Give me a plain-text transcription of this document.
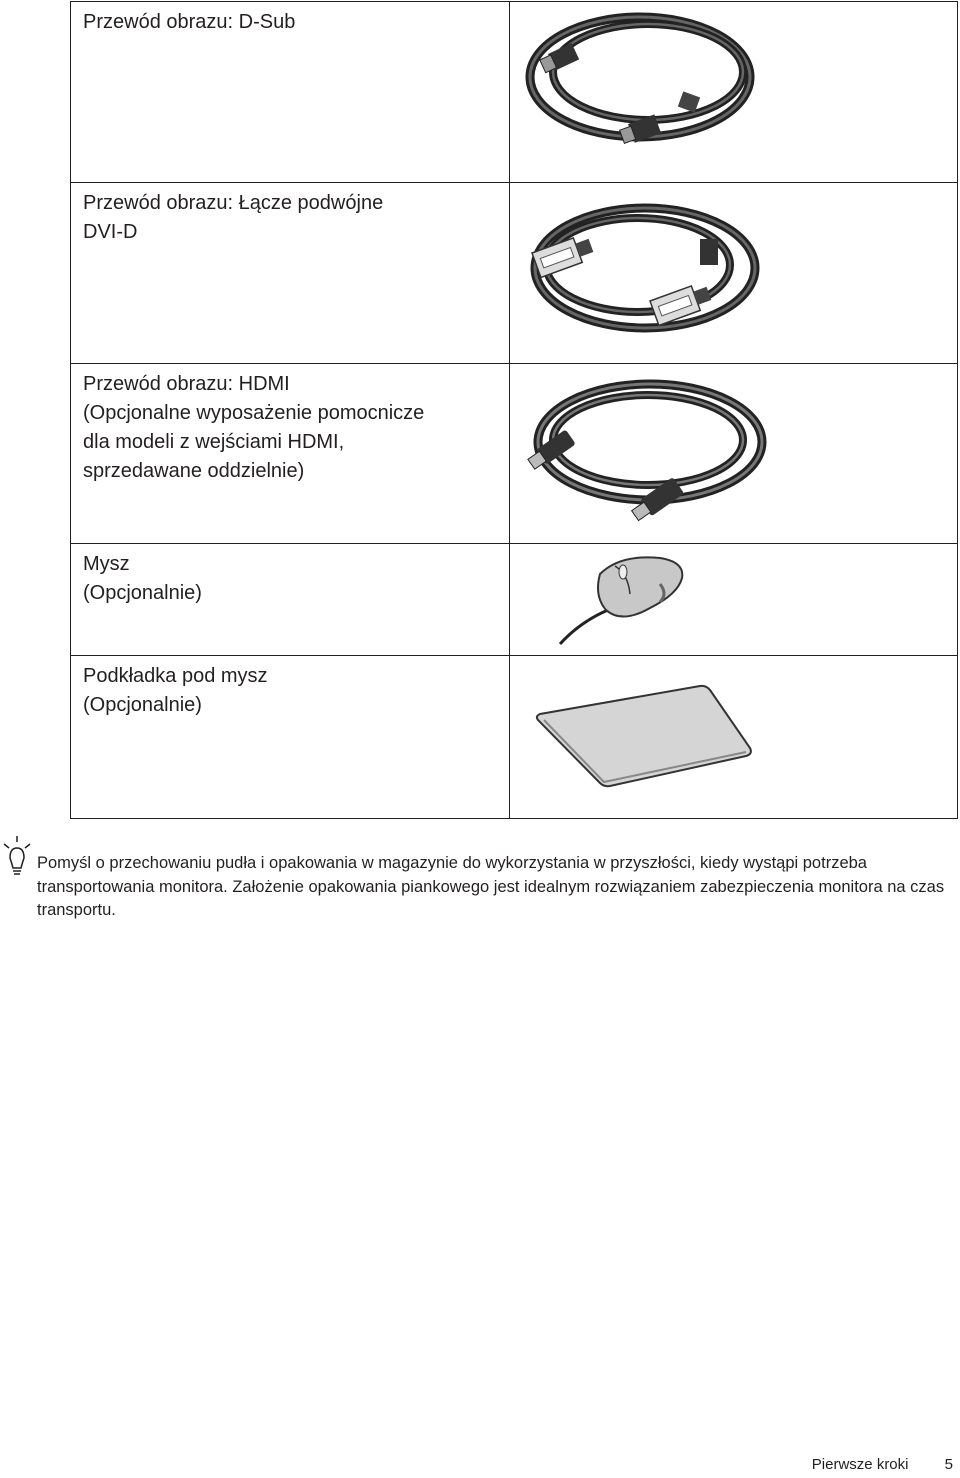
Przewód obrazu: D-Sub

Przewód obrazu: Łącze podwójne
DVI-D

Przewód obrazu: HDMI
(Opcjonalne wyposażenie pomocnicze
dla modeli z wejściami HDMI,
sprzedawane oddzielnie)

Mysz
(Opcjonalnie)

Podkładka pod mysz
(Opcjonalnie)

Pomyśl o przechowaniu pudła i opakowania w magazynie do wykorzystania w przyszłości, kiedy wystąpi potrzeba transportowania monitora. Założenie opakowania piankowego jest idealnym rozwiązaniem zabezpieczenia monitora na czas transportu.
Pierwsze kroki 5
